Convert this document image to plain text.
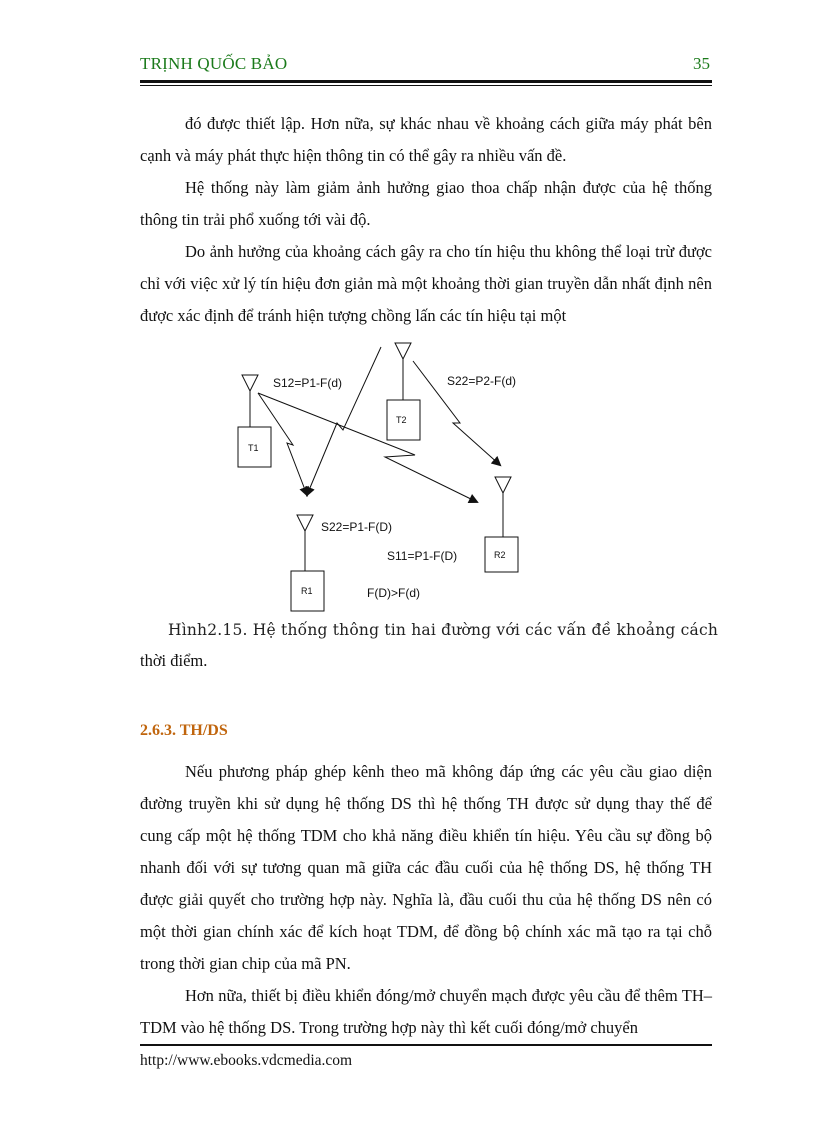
TRỊNH QUỐC BẢO	35

đó được thiết lập. Hơn nữa, sự khác nhau về khoảng cách giữa máy phát bên cạnh và máy phát thực hiện thông tin có thể gây ra nhiều vấn đề.

Hệ thống này làm giảm ảnh hưởng giao thoa chấp nhận được của hệ thống thông tin trải phổ xuống tới vài độ.

Do ảnh hưởng của khoảng cách gây ra cho tín hiệu thu không thể loại trừ được chỉ với việc xử lý tín hiệu đơn giản mà một khoảng thời gian truyền dẫn nhất định nên được xác định để tránh hiện tượng chồng lấn các tín hiệu tại một

S12=P1-F(d)	S22=P2-F(d)
S22=P1-F(D)
S11=P1-F(D)
F(D)>F(d)
T1
T2
R1
R2
Hình2.15. Hệ thống thông tin hai đường với các vấn đề khoảng cách
thời điểm.
2.6.3. TH/DS

Nếu phương pháp ghép kênh theo mã không đáp ứng các yêu cầu giao diện đường truyền khi sử dụng hệ thống DS thì hệ thống TH được sử dụng thay thế để cung cấp một hệ thống TDM cho khả năng điều khiển tín hiệu. Yêu cầu sự đồng bộ nhanh đối với sự tương quan mã giữa các đầu cuối của hệ thống DS, hệ thống TH được giải quyết cho trường hợp này. Nghĩa là, đầu cuối thu của hệ thống DS nên có một thời gian chính xác để kích hoạt TDM, để đồng bộ chính xác mã tạo ra tại chỗ trong thời gian chip của mã PN.

Hơn nữa, thiết bị điều khiển đóng/mở chuyển mạch được yêu cầu để thêm TH–TDM vào hệ thống DS. Trong trường hợp này thì kết cuối đóng/mở chuyển

http://www.ebooks.vdcmedia.com
